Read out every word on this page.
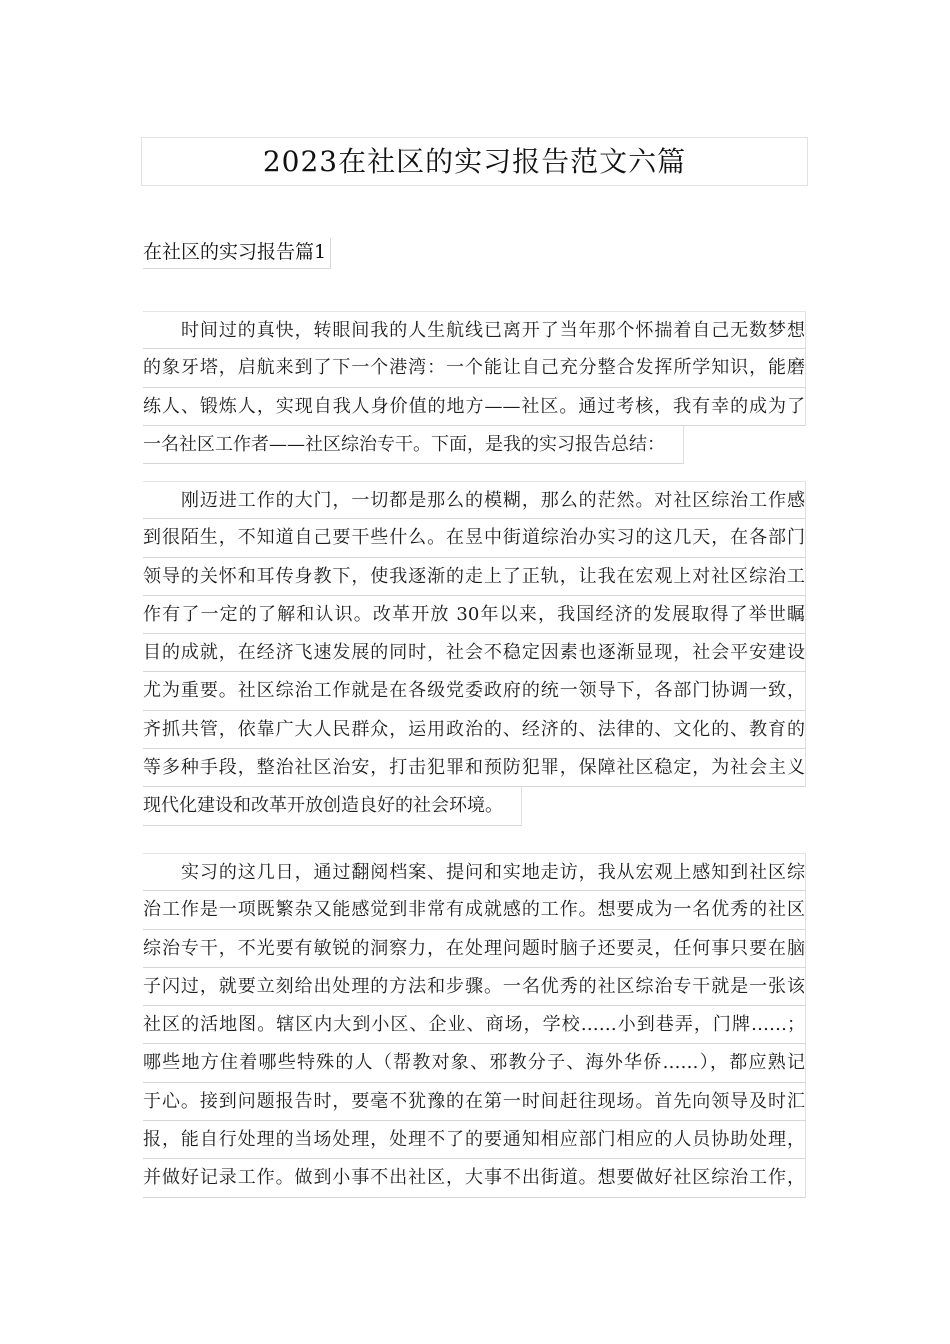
2023在社区的实习报告范文六篇
在社区的实习报告篇1
时间过的真快，转眼间我的人生航线已离开了当年那个怀揣着自己无数梦想
的象牙塔，启航来到了下一个港湾：一个能让自己充分整合发挥所学知识，能磨
练人、锻炼人，实现自我人身价值的地方——社区。通过考核，我有幸的成为了
一名社区工作者——社区综治专干。下面，是我的实习报告总结：
刚迈进工作的大门，一切都是那么的模糊，那么的茫然。对社区综治工作感
到很陌生，不知道自己要干些什么。在昱中街道综治办实习的这几天，在各部门
领导的关怀和耳传身教下，使我逐渐的走上了正轨，让我在宏观上对社区综治工
作有了一定的了解和认识。改革开放 30年以来，我国经济的发展取得了举世瞩
目的成就，在经济飞速发展的同时，社会不稳定因素也逐渐显现，社会平安建设
尤为重要。社区综治工作就是在各级党委政府的统一领导下，各部门协调一致，
齐抓共管，依靠广大人民群众，运用政治的、经济的、法律的、文化的、教育的
等多种手段，整治社区治安，打击犯罪和预防犯罪，保障社区稳定，为社会主义
现代化建设和改革开放创造良好的社会环境。
实习的这几日，通过翻阅档案、提问和实地走访，我从宏观上感知到社区综
治工作是一项既繁杂又能感觉到非常有成就感的工作。想要成为一名优秀的社区
综治专干，不光要有敏锐的洞察力，在处理问题时脑子还要灵，任何事只要在脑
子闪过，就要立刻给出处理的方法和步骤。一名优秀的社区综治专干就是一张该
社区的活地图。辖区内大到小区、企业、商场，学校……小到巷弄，门牌……；
哪些地方住着哪些特殊的人（帮教对象、邪教分子、海外华侨……），都应熟记
于心。接到问题报告时，要毫不犹豫的在第一时间赶往现场。首先向领导及时汇
报，能自行处理的当场处理，处理不了的要通知相应部门相应的人员协助处理，
并做好记录工作。做到小事不出社区，大事不出街道。想要做好社区综治工作，
